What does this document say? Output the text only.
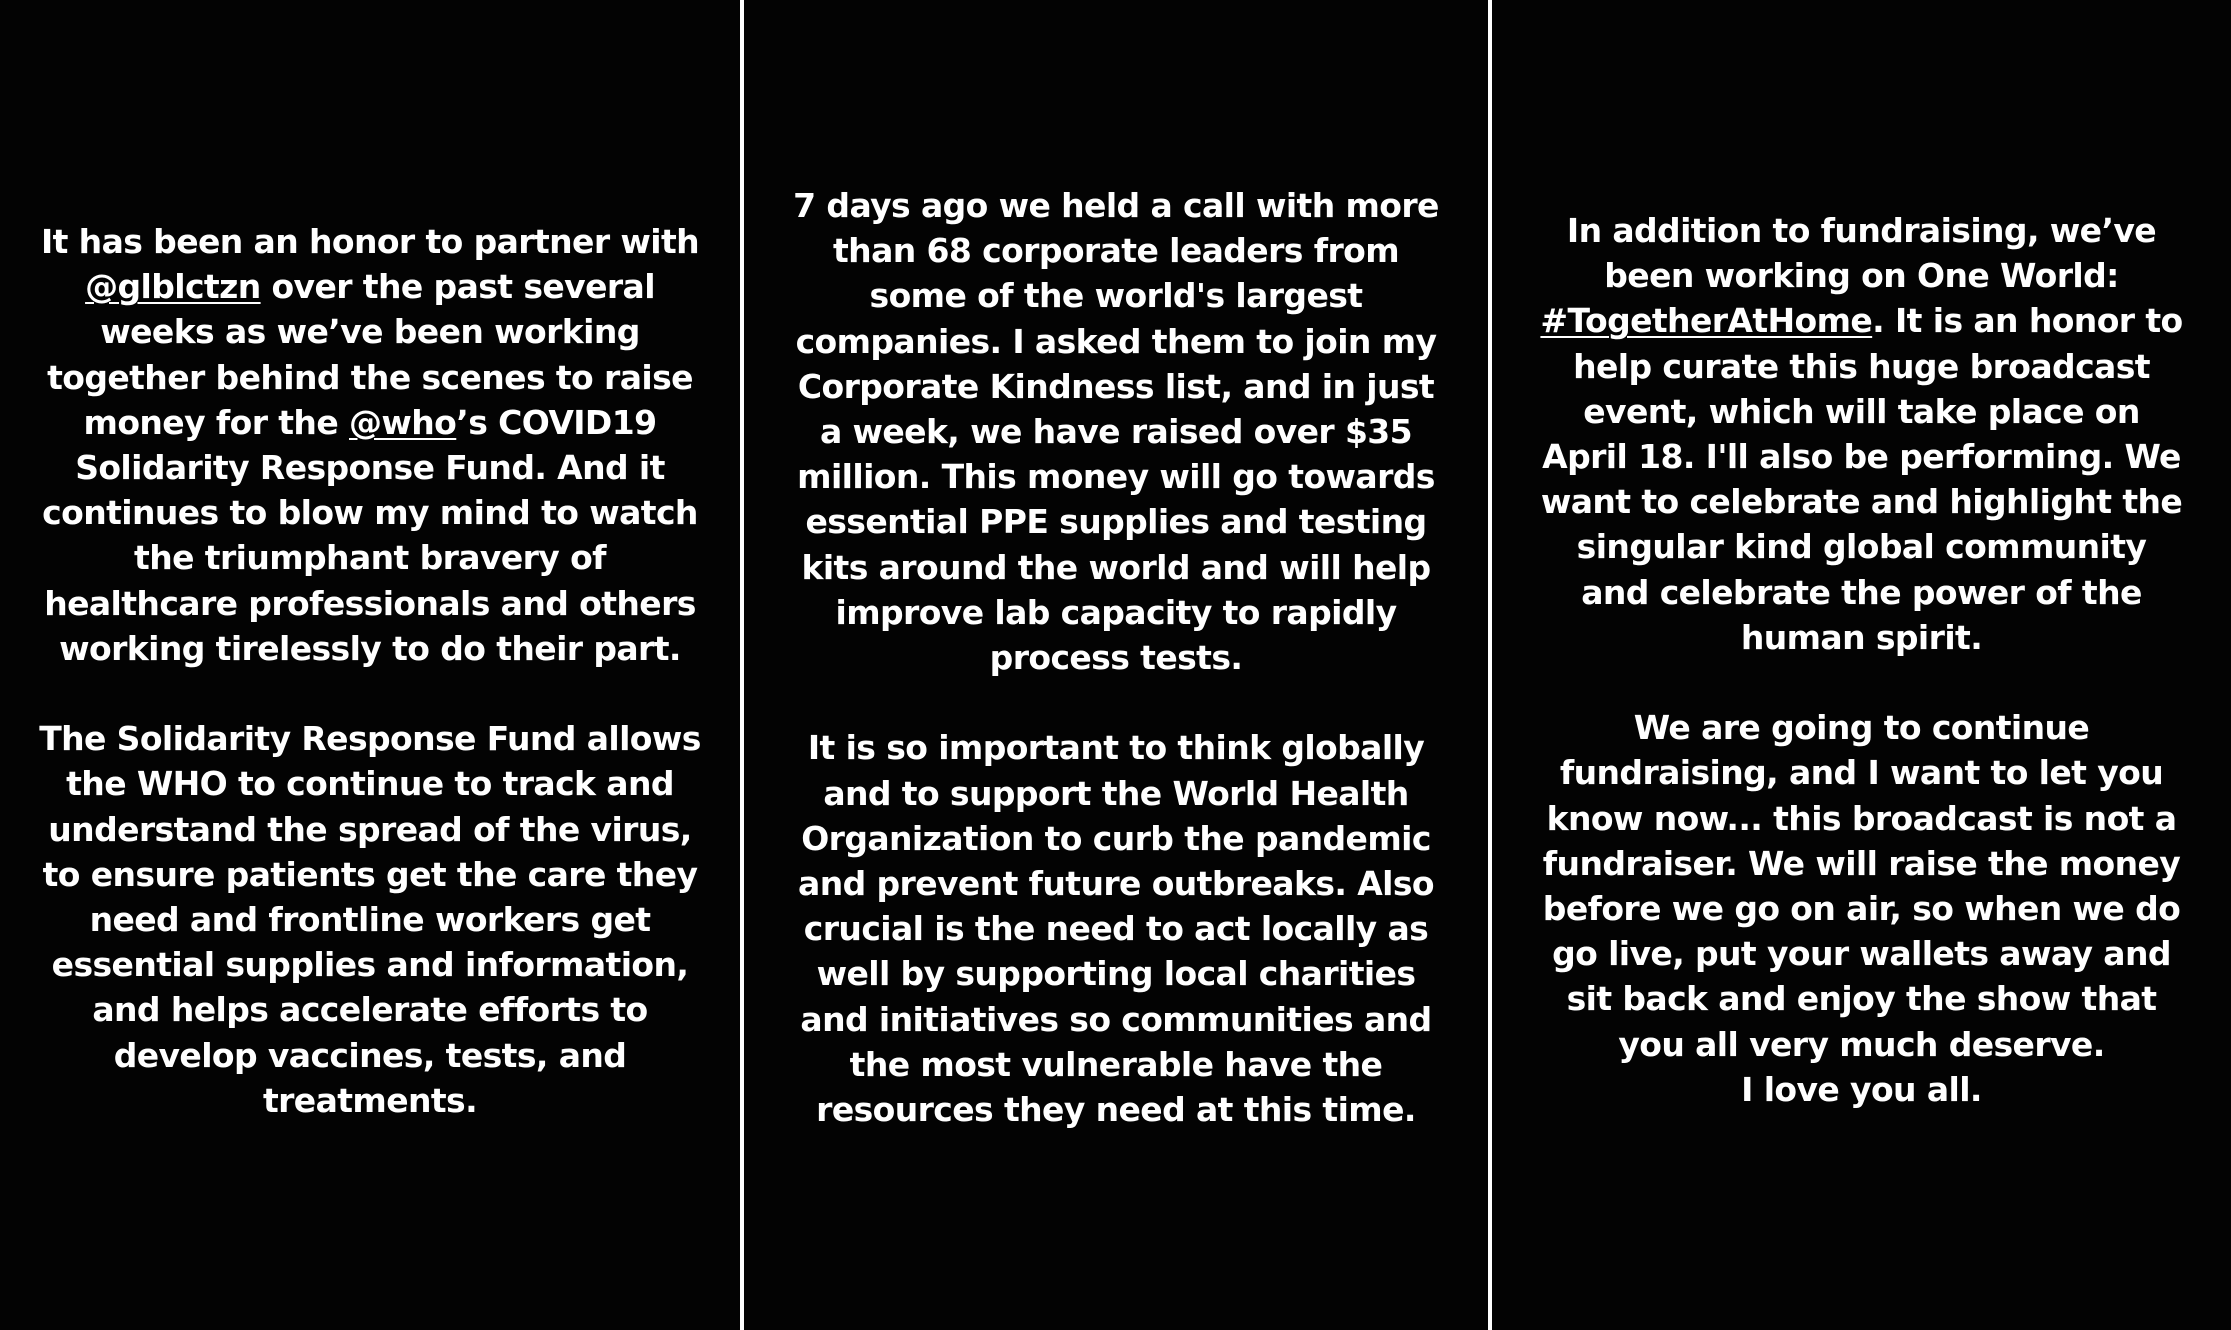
It has been an honor to partner with
@glblctzn over the past several
weeks as we’ve been working
together behind the scenes to raise
money for the @who’s COVID19
Solidarity Response Fund. And it
continues to blow my mind to watch
the triumphant bravery of
healthcare professionals and others
working tirelessly to do their part.

The Solidarity Response Fund allows
the WHO to continue to track and
understand the spread of the virus,
to ensure patients get the care they
need and frontline workers get
essential supplies and information,
and helps accelerate efforts to
develop vaccines, tests, and
treatments.

7 days ago we held a call with more
than 68 corporate leaders from
some of the world's largest
companies. I asked them to join my
Corporate Kindness list, and in just
a week, we have raised over $35
million. This money will go towards
essential PPE supplies and testing
kits around the world and will help
improve lab capacity to rapidly
process tests.

It is so important to think globally
and to support the World Health
Organization to curb the pandemic
and prevent future outbreaks. Also
crucial is the need to act locally as
well by supporting local charities
and initiatives so communities and
the most vulnerable have the
resources they need at this time.

In addition to fundraising, we’ve
been working on One World:
#TogetherAtHome. It is an honor to
help curate this huge broadcast
event, which will take place on
April 18. I'll also be performing. We
want to celebrate and highlight the
singular kind global community
and celebrate the power of the
human spirit.

We are going to continue
fundraising, and I want to let you
know now... this broadcast is not a
fundraiser. We will raise the money
before we go on air, so when we do
go live, put your wallets away and
sit back and enjoy the show that
you all very much deserve.
I love you all.
